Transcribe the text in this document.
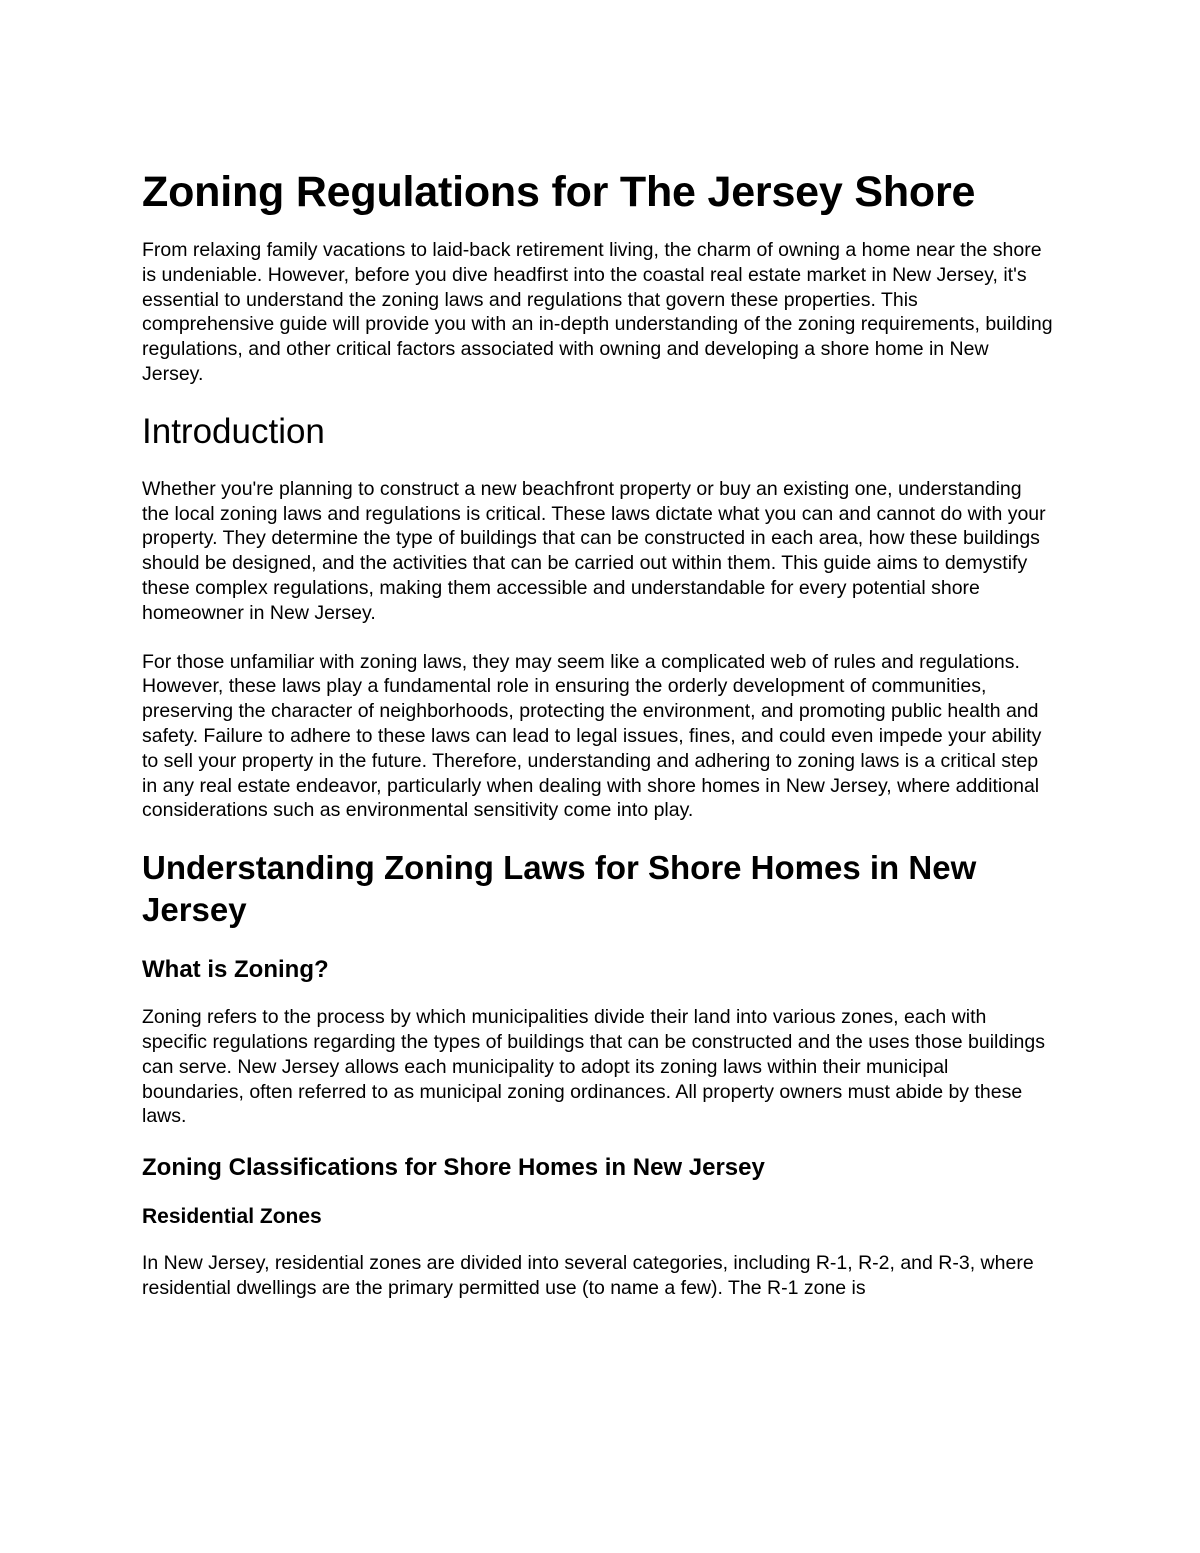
Zoning Regulations for The Jersey Shore

From relaxing family vacations to laid-back retirement living, the charm of owning a home near the shore is undeniable. However, before you dive headfirst into the coastal real estate market in New Jersey, it's essential to understand the zoning laws and regulations that govern these properties. This comprehensive guide will provide you with an in-depth understanding of the zoning requirements, building regulations, and other critical factors associated with owning and developing a shore home in New Jersey.

Introduction

Whether you're planning to construct a new beachfront property or buy an existing one, understanding the local zoning laws and regulations is critical. These laws dictate what you can and cannot do with your property. They determine the type of buildings that can be constructed in each area, how these buildings should be designed, and the activities that can be carried out within them. This guide aims to demystify these complex regulations, making them accessible and understandable for every potential shore homeowner in New Jersey.

For those unfamiliar with zoning laws, they may seem like a complicated web of rules and regulations. However, these laws play a fundamental role in ensuring the orderly development of communities, preserving the character of neighborhoods, protecting the environment, and promoting public health and safety. Failure to adhere to these laws can lead to legal issues, fines, and could even impede your ability to sell your property in the future. Therefore, understanding and adhering to zoning laws is a critical step in any real estate endeavor, particularly when dealing with shore homes in New Jersey, where additional considerations such as environmental sensitivity come into play.

Understanding Zoning Laws for Shore Homes in New Jersey
What is Zoning?

Zoning refers to the process by which municipalities divide their land into various zones, each with specific regulations regarding the types of buildings that can be constructed and the uses those buildings can serve. New Jersey allows each municipality to adopt its zoning laws within their municipal boundaries, often referred to as municipal zoning ordinances. All property owners must abide by these laws.

Zoning Classifications for Shore Homes in New Jersey
Residential Zones

In New Jersey, residential zones are divided into several categories, including R-1, R-2, and R-3, where residential dwellings are the primary permitted use (to name a few). The R-1 zone is
